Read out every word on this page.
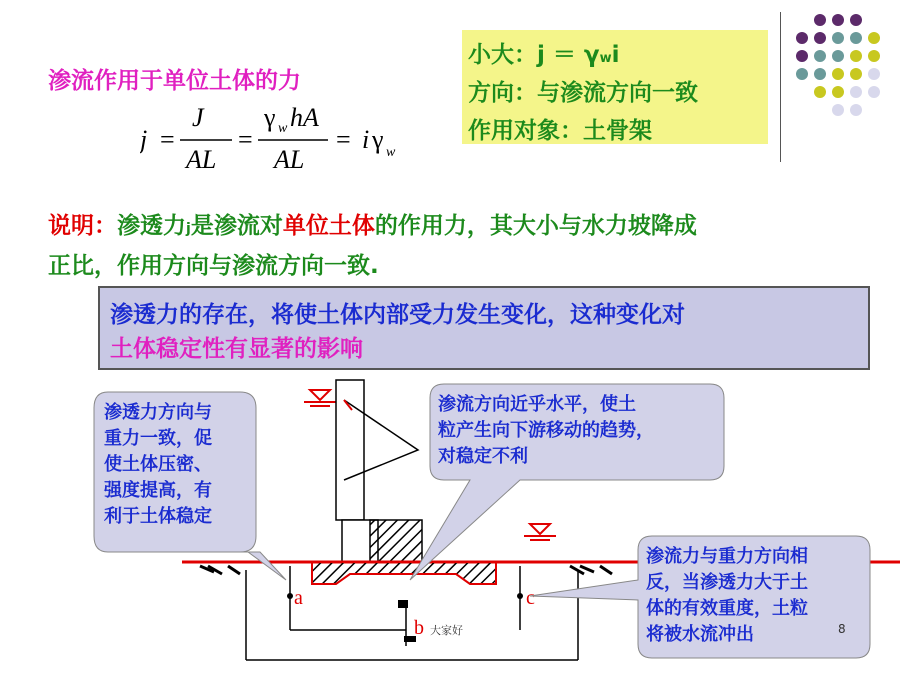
渗流作用于单位土体的力
j =
J
AL
=
γ w hA
AL
= i γ w
小大：j ＝ γwi
方向：与渗流方向一致
作用对象：土骨架
说明：渗透力j是渗流对单位土体的作用力，其大小与水力坡降成
正比，作用方向与渗流方向一致.
渗透力的存在，将使土体内部受力发生变化，这种变化对
土体稳定性有显著的影响
a
b
c
大家好
渗透力方向与
重力一致，促
使土体压密、
强度提高，有
利于土体稳定
渗流方向近乎水平，使土
粒产生向下游移动的趋势，
对稳定不利
渗流力与重力方向相
反，当渗透力大于土
体的有效重度，土粒
将被水流冲出	8
